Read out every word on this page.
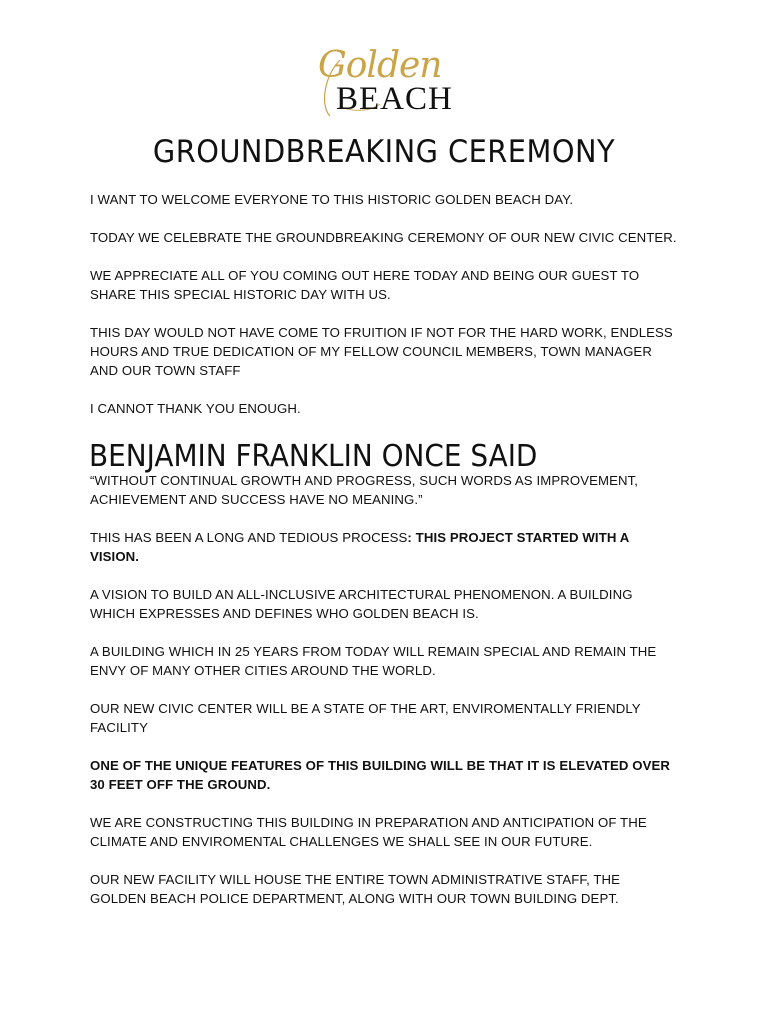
Golden
BEACH
GROUNDBREAKING CEREMONY

I WANT TO WELCOME EVERYONE TO THIS HISTORIC GOLDEN BEACH DAY.

TODAY WE CELEBRATE THE GROUNDBREAKING CEREMONY OF OUR NEW CIVIC CENTER.

WE APPRECIATE ALL OF YOU COMING OUT HERE TODAY AND BEING OUR GUEST TO SHARE THIS SPECIAL HISTORIC DAY WITH US.

THIS DAY WOULD NOT HAVE COME TO FRUITION IF NOT FOR THE HARD WORK, ENDLESS HOURS AND TRUE DEDICATION OF MY FELLOW COUNCIL MEMBERS, TOWN MANAGER AND OUR TOWN STAFF

I CANNOT THANK YOU ENOUGH.

BENJAMIN FRANKLIN ONCE SAID

“WITHOUT CONTINUAL GROWTH AND PROGRESS, SUCH WORDS AS IMPROVEMENT, ACHIEVEMENT AND SUCCESS HAVE NO MEANING.”

THIS HAS BEEN A LONG AND TEDIOUS PROCESS: THIS PROJECT STARTED WITH A VISION.

A VISION TO BUILD AN ALL-INCLUSIVE ARCHITECTURAL PHENOMENON. A BUILDING WHICH EXPRESSES AND DEFINES WHO GOLDEN BEACH IS.

A BUILDING WHICH IN 25 YEARS FROM TODAY WILL REMAIN SPECIAL AND REMAIN THE ENVY OF MANY OTHER CITIES AROUND THE WORLD.

OUR NEW CIVIC CENTER WILL BE A STATE OF THE ART, ENVIROMENTALLY FRIENDLY FACILITY

ONE OF THE UNIQUE FEATURES OF THIS BUILDING WILL BE THAT IT IS ELEVATED OVER 30 FEET OFF THE GROUND.

WE ARE CONSTRUCTING THIS BUILDING IN PREPARATION AND ANTICIPATION OF THE CLIMATE AND ENVIROMENTAL CHALLENGES WE SHALL SEE IN OUR FUTURE.

OUR NEW FACILITY WILL HOUSE THE ENTIRE TOWN ADMINISTRATIVE STAFF, THE GOLDEN BEACH POLICE DEPARTMENT, ALONG WITH OUR TOWN BUILDING DEPT.
